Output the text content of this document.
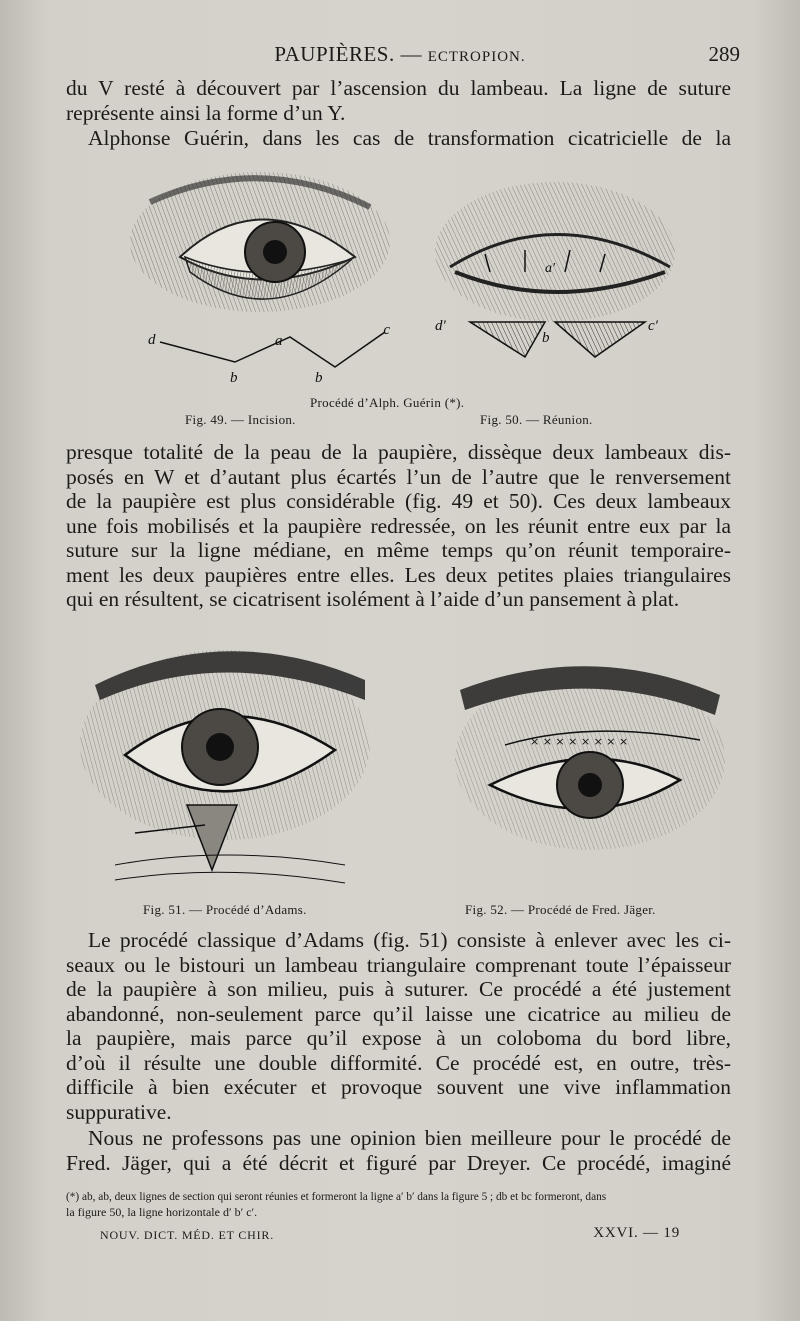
PAUPIÈRES. — ECTROPION.	289
du V resté à découvert par l’ascension du lambeau. La ligne de suture
représente ainsi la forme d’un Y.
Alphonse Guérin, dans les cas de transformation cicatricielle de la
d	a
c
b	b
a′
d′
b
c′
Procédé d’Alph. Guérin (*).
Fig. 49. — Incision.	Fig. 50. — Réunion.
presque totalité de la peau de la paupière, dissèque deux lambeaux dis-
posés en W et d’autant plus écartés l’un de l’autre que le renversement
de la paupière est plus considérable (fig. 49 et 50). Ces deux lambeaux
une fois mobilisés et la paupière redressée, on les réunit entre eux par la
suture sur la ligne médiane, en même temps qu’on réunit temporaire-
ment les deux paupières entre elles. Les deux petites plaies triangulaires
qui en résultent, se cicatrisent isolément à l’aide d’un pansement à plat.
× × × × × × × ×
Fig. 51. — Procédé d’Adams.	Fig. 52. — Procédé de Fred. Jäger.
Le procédé classique d’Adams (fig. 51) consiste à enlever avec les ci-
seaux ou le bistouri un lambeau triangulaire comprenant toute l’épaisseur
de la paupière à son milieu, puis à suturer. Ce procédé a été justement
abandonné, non-seulement parce qu’il laisse une cicatrice au milieu de
la paupière, mais parce qu’il expose à un coloboma du bord libre,
d’où il résulte une double difformité. Ce procédé est, en outre, très-
difficile à bien exécuter et provoque souvent une vive inflammation
suppurative.
Nous ne professons pas une opinion bien meilleure pour le procédé de
Fred. Jäger, qui a été décrit et figuré par Dreyer. Ce procédé, imaginé
(*) ab, ab, deux lignes de section qui seront réunies et formeront la ligne a′ b′ dans la figure 5 ; db et bc formeront, dans
la figure 50, la ligne horizontale d′ b′ c′.
NOUV. DICT. MÉD. ET CHIR.	XXVI. — 19
